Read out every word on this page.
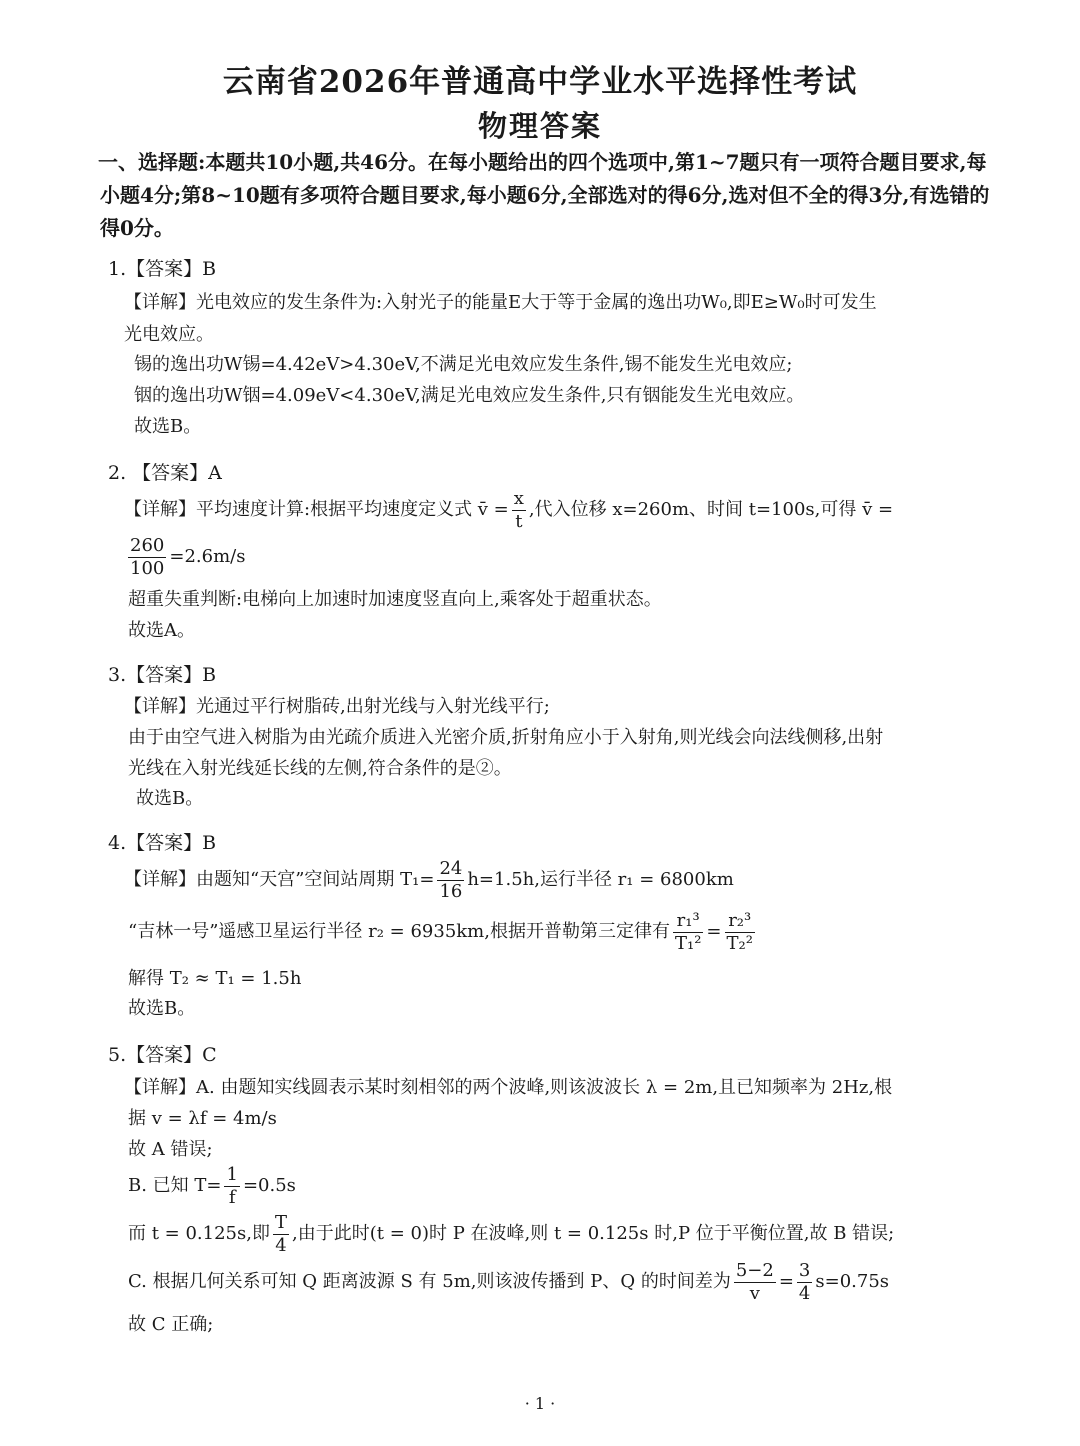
云南省2026年普通高中学业水平选择性考试
物理答案
一、选择题:本题共10小题,共46分。在每小题给出的四个选项中,第1~7题只有一项符合题目要求,每小题4分;第8~10题有多项符合题目要求,每小题6分,全部选对的得6分,选对但不全的得3分,有选错的得0分。
1.【答案】B
【详解】光电效应的发生条件为:入射光子的能量E大于等于金属的逸出功W₀,即E≥W₀时可发生
光电效应。
锡的逸出功W锡=4.42eV>4.30eV,不满足光电效应发生条件,锡不能发生光电效应;
铟的逸出功W铟=4.09eV<4.30eV,满足光电效应发生条件,只有铟能发生光电效应。
故选B。
2. 【答案】A
【详解】平均速度计算:根据平均速度定义式 v̄ = $\frac{x}{t}$ ,代入位移 x=260m、时间 t=100s,可得 v̄ =
$\frac{260}{100} =2.6m/s$
超重失重判断:电梯向上加速时加速度竖直向上,乘客处于超重状态。
故选A。
3.【答案】B
【详解】光通过平行树脂砖,出射光线与入射光线平行;
由于由空气进入树脂为由光疏介质进入光密介质,折射角应小于入射角,则光线会向法线侧移,出射
光线在入射光线延长线的左侧,符合条件的是②。
故选B。
4.【答案】B
【详解】由题知“天宫”空间站周期 $T_1= \frac{24}{16} h=1.5h$,运行半径 r₁ = 6800km
“吉林一号”遥感卫星运行半径 r₂ = 6935km,根据开普勒第三定律有 $\frac{\text{r₁³}}{\text{T₁²}} = \frac{\text{r₂³}}{\text{T₂²}}$
解得 T₂ ≈ T₁ = 1.5h
故选B。
5.【答案】C
【详解】A. 由题知实线圆表示某时刻相邻的两个波峰,则该波波长 λ = 2m,且已知频率为 2Hz,根
据 v = λf = 4m/s
故 A 错误;
B. 已知 $T= \frac{1}{f} =0.5s$
而 t = 0.125s,即 $\frac{T}{4}$ ,由于此时(t = 0)时 P 在波峰,则 t = 0.125s 时,P 位于平衡位置,故 B 错误;
C. 根据几何关系可知 Q 距离波源 S 有 5m,则该波传播到 P、Q 的时间差为 $\frac{5-2}{v} = \frac{3}{4} s=0.75s$
故 C 正确;
· 1 ·
